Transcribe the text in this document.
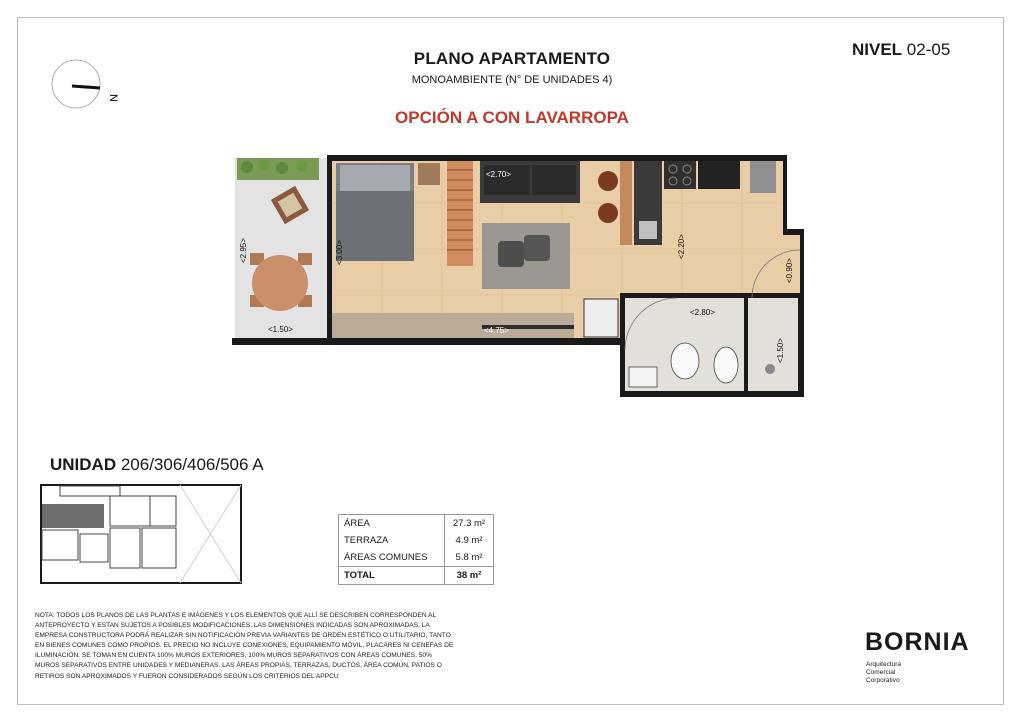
PLANO APARTAMENTO
MONOAMBIENTE (N° DE UNIDADES 4)
OPCIÓN A CON LAVARROPA
NIVEL 02-05
N
<2.95>
<1.50>
<3.00>
<2.70>
<4.75>
<2.20>
<0.90>
<2.80>
<1.50>
UNIDAD 206/306/406/506 A
ÁREA	27.3 m²
TERRAZA	4.9 m²
ÁREAS COMUNES	5.8 m²
TOTAL	38 m²
NOTA: TODOS LOS PLANOS DE LAS PLANTAS E IMÁGENES Y LOS ELEMENTOS QUE ALLÍ SE DESCRIBEN CORRESPONDEN AL ANTEPROYECTO Y ESTAN SUJETOS A POSIBLES MODIFICACIONES. LAS DIMENSIONES INDICADAS SON APROXIMADAS, LA EMPRESA CONSTRUCTORA PODRÁ REALIZAR SIN NOTIFICACIÓN PREVIA VARIANTES DE ORDEN ESTÉTICO O UTILITARIO, TANTO EN BIENES COMUNES COMO PROPIOS. EL PRECIO NO INCLUYE CONEXIONES, EQUIPAMIENTO MÓVIL, PLACARES NI CENEFAS DE ILUMINACIÓN. SE TOMAN EN CUENTA 100% MUROS EXTERIORES, 100% MUROS SEPARATIVOS CON ÁREAS COMUNES, 50% MUROS SEPARATIVOS ENTRE UNIDADES Y MEDIANERAS. LAS ÁREAS PROPIAS, TERRAZAS, DUCTOS, ÁREA COMÚN, PATIOS O RETIROS SON APROXIMADOS Y FUERON CONSIDERADOS SEGÚN LOS CRITERIOS DEL APPCU
BORNIA
Arquitectura
Comercial
Corporativo
